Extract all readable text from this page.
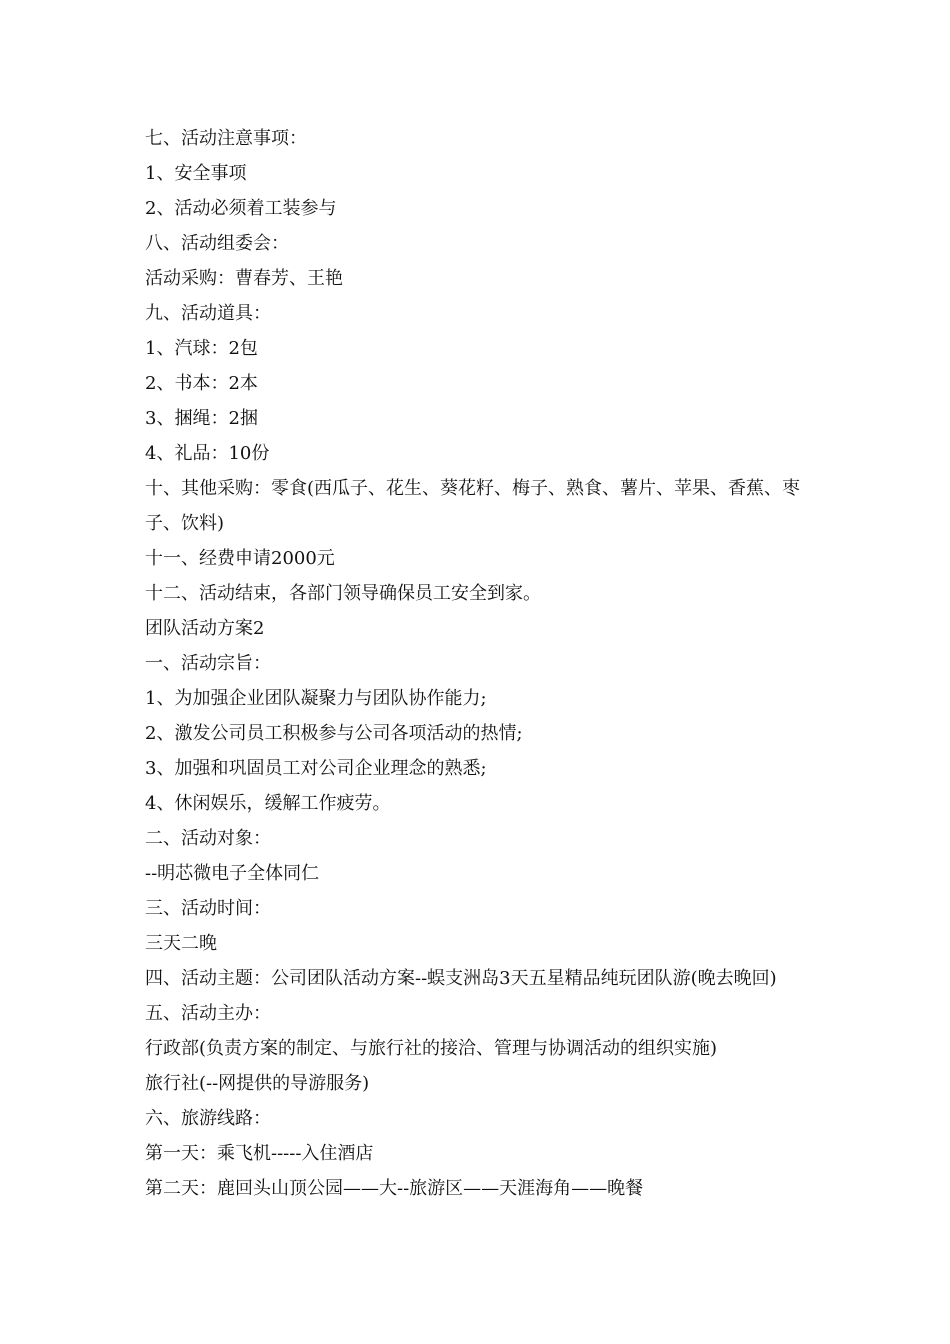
七、活动注意事项：

1、安全事项

2、活动必须着工装参与

八、活动组委会：

活动采购：曹春芳、王艳

九、活动道具：

1、汽球：2包

2、书本：2本

3、捆绳：2捆

4、礼品：10份

十、其他采购：零食(西瓜子、花生、葵花籽、梅子、熟食、薯片、苹果、香蕉、枣子、饮料)

十一、经费申请2000元

十二、活动结束，各部门领导确保员工安全到家。

团队活动方案2

一、活动宗旨：

1、为加强企业团队凝聚力与团队协作能力;

2、激发公司员工积极参与公司各项活动的热情;

3、加强和巩固员工对公司企业理念的熟悉;

4、休闲娱乐，缓解工作疲劳。

二、活动对象：

--明芯微电子全体同仁

三、活动时间：

三天二晚

四、活动主题：公司团队活动方案--蜈支洲岛3天五星精品纯玩团队游(晚去晚回)

五、活动主办：

行政部(负责方案的制定、与旅行社的接洽、管理与协调活动的组织实施)

旅行社(--网提供的导游服务)

六、旅游线路：

第一天：乘飞机-----入住酒店

第二天：鹿回头山顶公园——大--旅游区——天涯海角——晚餐
